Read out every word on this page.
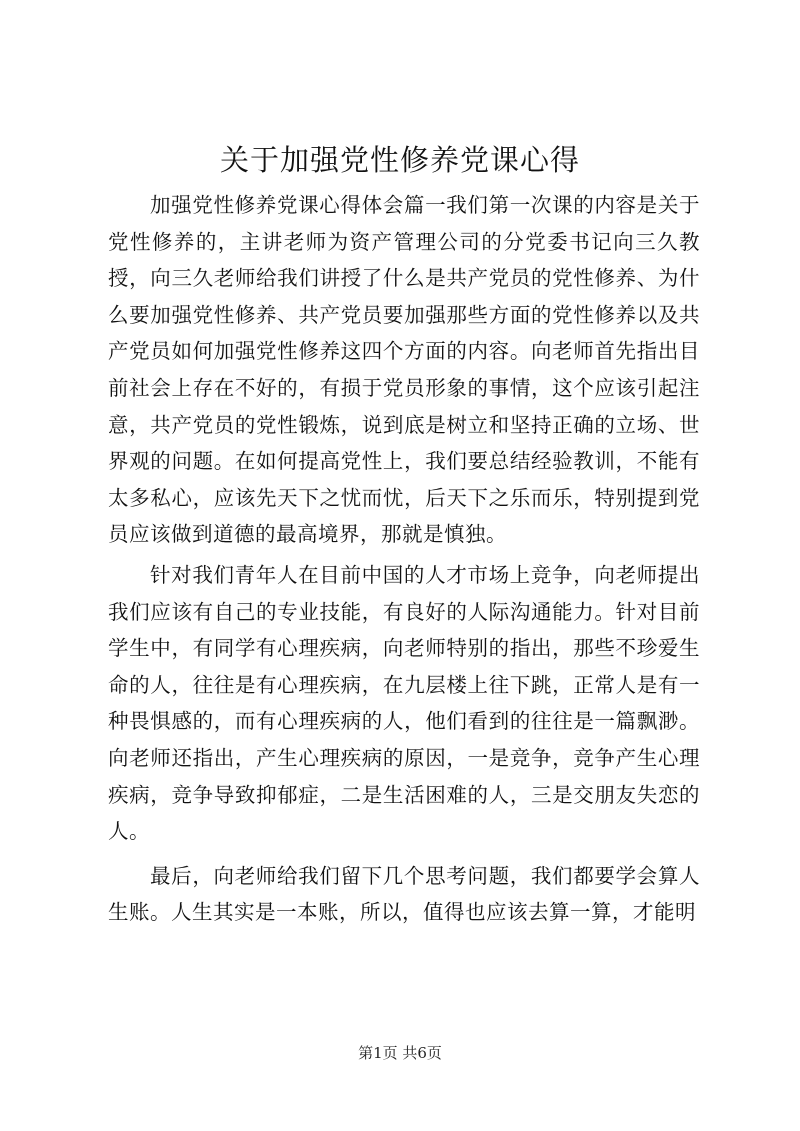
关于加强党性修养党课心得

加强党性修养党课心得体会篇一我们第一次课的内容是关于党性修养的，主讲老师为资产管理公司的分党委书记向三久教授，向三久老师给我们讲授了什么是共产党员的党性修养、为什么要加强党性修养、共产党员要加强那些方面的党性修养以及共产党员如何加强党性修养这四个方面的内容。向老师首先指出目前社会上存在不好的，有损于党员形象的事情，这个应该引起注意，共产党员的党性锻炼，说到底是树立和坚持正确的立场、世界观的问题。在如何提高党性上，我们要总结经验教训，不能有太多私心，应该先天下之忧而忧，后天下之乐而乐，特别提到党员应该做到道德的最高境界，那就是慎独。

针对我们青年人在目前中国的人才市场上竞争，向老师提出我们应该有自己的专业技能，有良好的人际沟通能力。针对目前学生中，有同学有心理疾病，向老师特别的指出，那些不珍爱生命的人，往往是有心理疾病，在九层楼上往下跳，正常人是有一种畏惧感的，而有心理疾病的人，他们看到的往往是一篇飘渺。向老师还指出，产生心理疾病的原因，一是竞争，竞争产生心理疾病，竞争导致抑郁症，二是生活困难的人，三是交朋友失恋的人。

最后，向老师给我们留下几个思考问题，我们都要学会算人生账。人生其实是一本账，所以，值得也应该去算一算，才能明

第1页 共6页
